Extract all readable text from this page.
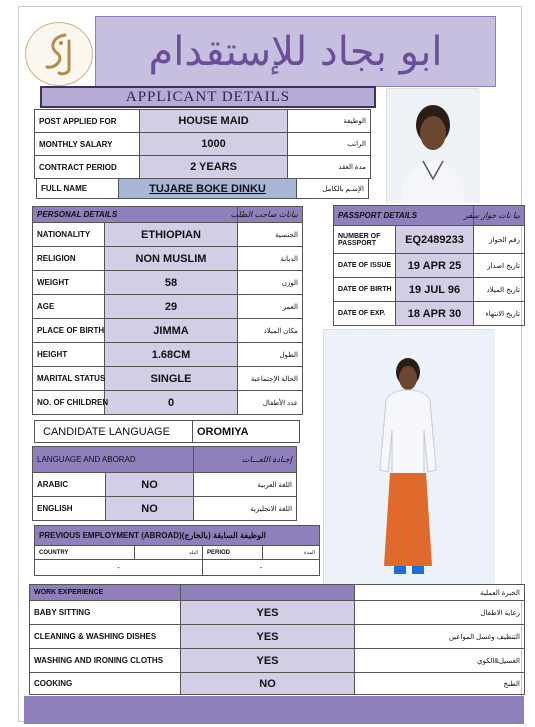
ابو بجاد للإستقدام
APPLICANT DETAILS
POST APPLIED FOR	HOUSE MAID	الوظيفة
MONTHLY SALARY	1000	الراتب
CONTRACT PERIOD	2 YEARS	مدة العقد
FULL NAME	TUJARE BOKE DINKU	الإسـم بالكامل
PERSONAL DETAILS		بيانات صاحب الطلب
NATIONALITY	ETHIOPIAN	الجنسية
RELIGION	NON MUSLIM	الديانة
WEIGHT	58	الوزن
AGE	29	العمر
PLACE OF BIRTH	JIMMA	مكان الميلاد
HEIGHT	1.68CM	الطول
MARITAL STATUS	SINGLE	الحالة الإجتماعية
NO. OF CHILDREN	0	عدد الأطفال
PASSPORT DETAILS		بيا نات جواز سفر
NUMBER OF PASSPORT	EQ2489233	رقم الجواز
DATE OF ISSUE	19 APR 25	تاريخ اصدار
DATE OF BIRTH	19 JUL 96	تاريخ الميلاد
DATE OF EXP.	18 APR 30	تاريخ الانتهاء
CANDIDATE LANGUAGE	OROMIYA
LANGUAGE AND ABORAD		إجـادة اللغـــات
ARABIC	NO	اللغة العربية
ENGLISH	NO	اللغة الانجليزية
PREVIOUS EMPLOYMENT (ABROAD)(الوظيفة السابقة (بالخارج			
COUNTRY	البلد	PERIOD	المدة
-		-	
WORK EXPERIENCE		الخبرة العملية
BABY SITTING	YES	رعاية الاطفال
CLEANING & WASHING DISHES	YES	التنظيف وغسل المواعين
WASHING AND IRONING CLOTHS	YES	الغسيل&الكوي
COOKING	NO	الطبخ
